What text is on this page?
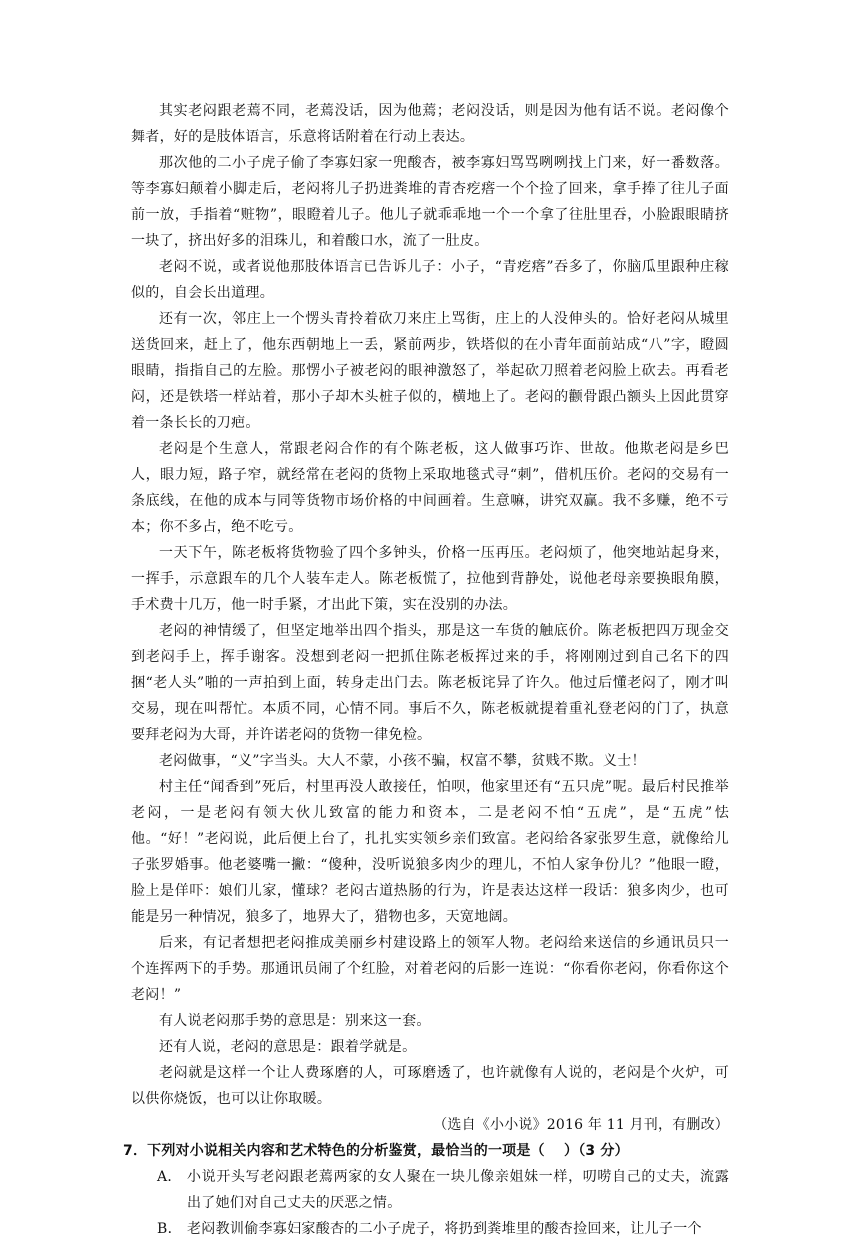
其实老闷跟老蔫不同，老蔫没话，因为他蔫；老闷没话，则是因为他有话不说。老闷像个舞者，好的是肢体语言，乐意将话附着在行动上表达。

那次他的二小子虎子偷了李寡妇家一兜酸杏，被李寡妇骂骂咧咧找上门来，好一番数落。等李寡妇颠着小脚走后，老闷将儿子扔进粪堆的青杏疙瘩一个个捡了回来，拿手捧了往儿子面前一放，手指着“赃物”，眼瞪着儿子。他儿子就乖乖地一个一个拿了往肚里吞，小脸跟眼睛挤一块了，挤出好多的泪珠儿，和着酸口水，流了一肚皮。

老闷不说，或者说他那肢体语言已告诉儿子：小子，“青疙瘩”吞多了，你脑瓜里跟种庄稼似的，自会长出道理。

还有一次，邻庄上一个愣头青拎着砍刀来庄上骂街，庄上的人没伸头的。恰好老闷从城里送货回来，赶上了，他东西朝地上一丢，紧前两步，铁塔似的在小青年面前站成“八”字，瞪圆眼睛，指指自己的左脸。那愣小子被老闷的眼神激怒了，举起砍刀照着老闷脸上砍去。再看老闷，还是铁塔一样站着，那小子却木头桩子似的，横地上了。老闷的颧骨跟凸额头上因此贯穿着一条长长的刀疤。

老闷是个生意人，常跟老闷合作的有个陈老板，这人做事巧诈、世故。他欺老闷是乡巴人，眼力短，路子窄，就经常在老闷的货物上采取地毯式寻“刺”，借机压价。老闷的交易有一条底线，在他的成本与同等货物市场价格的中间画着。生意嘛，讲究双赢。我不多赚，绝不亏本；你不多占，绝不吃亏。

一天下午，陈老板将货物验了四个多钟头，价格一压再压。老闷烦了，他突地站起身来，一挥手，示意跟车的几个人装车走人。陈老板慌了，拉他到背静处，说他老母亲要换眼角膜，手术费十几万，他一时手紧，才出此下策，实在没别的办法。

老闷的神情缓了，但坚定地举出四个指头，那是这一车货的触底价。陈老板把四万现金交到老闷手上，挥手谢客。没想到老闷一把抓住陈老板挥过来的手，将刚刚过到自己名下的四捆“老人头”啪的一声拍到上面，转身走出门去。陈老板诧异了许久。他过后懂老闷了，刚才叫交易，现在叫帮忙。本质不同，心情不同。事后不久，陈老板就提着重礼登老闷的门了，执意要拜老闷为大哥，并许诺老闷的货物一律免检。

老闷做事，“义”字当头。大人不蒙，小孩不骗，权富不攀，贫贱不欺。义士！

村主任“闻香到”死后，村里再没人敢接任，怕呗，他家里还有“五只虎”呢。最后村民推举老闷，一是老闷有领大伙儿致富的能力和资本，二是老闷不怕“五虎”，是“五虎”怯他。“好！”老闷说，此后便上台了，扎扎实实领乡亲们致富。老闷给各家张罗生意，就像给儿子张罗婚事。他老婆嘴一撇：“傻种，没听说狼多肉少的理儿，不怕人家争份儿？”他眼一瞪，脸上是佯吓：娘们儿家，懂球？老闷古道热肠的行为，许是表达这样一段话：狼多肉少，也可能是另一种情况，狼多了，地界大了，猎物也多，天宽地阔。

后来，有记者想把老闷推成美丽乡村建设路上的领军人物。老闷给来送信的乡通讯员只一个连挥两下的手势。那通讯员闹了个红脸，对着老闷的后影一连说：“你看你老闷，你看你这个老闷！”

有人说老闷那手势的意思是：别来这一套。

还有人说，老闷的意思是：跟着学就是。

老闷就是这样一个让人费琢磨的人，可琢磨透了，也许就像有人说的，老闷是个火炉，可以供你烧饭，也可以让你取暖。

（选自《小小说》2016 年 11 月刊，有删改）

7．下列对小说相关内容和艺术特色的分析鉴赏，最恰当的一项是（　 ）（3 分）

A． 小说开头写老闷跟老蔫两家的女人聚在一块儿像亲姐妹一样，叨唠自己的丈夫，流露出了她们对自己丈夫的厌恶之情。
B． 老闷教训偷李寡妇家酸杏的二小子虎子，将扔到粪堆里的酸杏捡回来，让儿子一个
